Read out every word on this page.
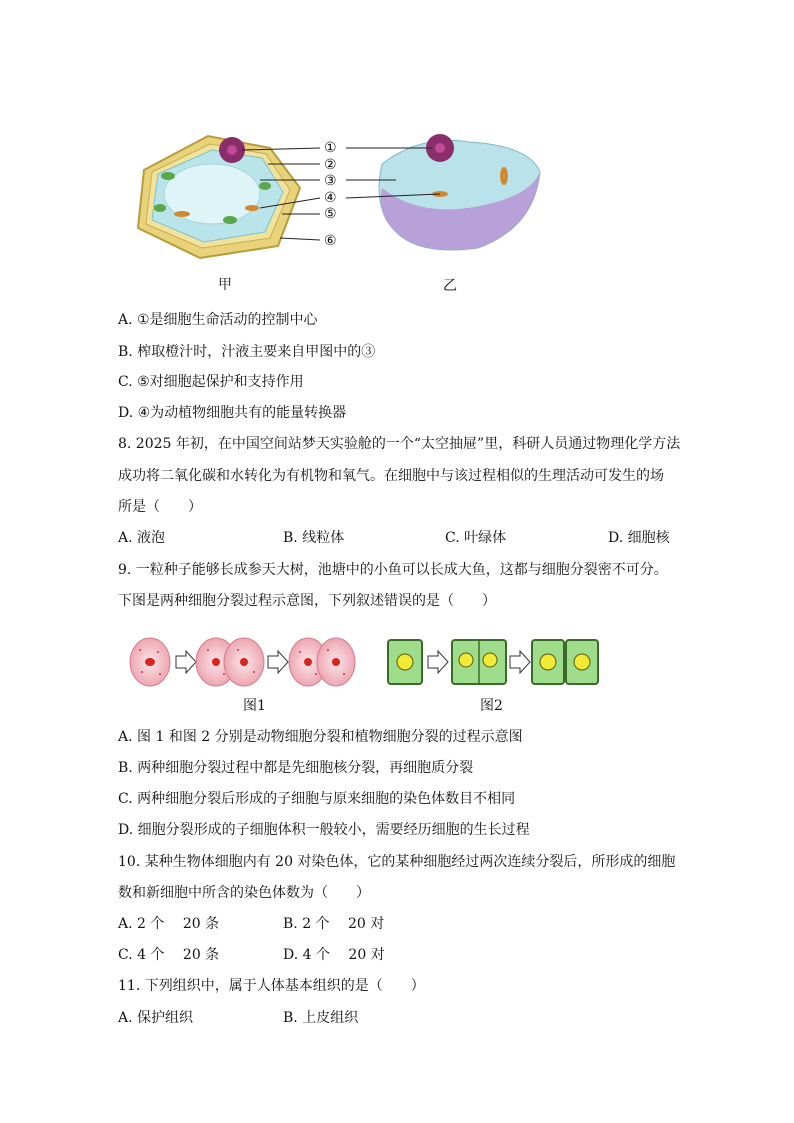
①
②
③
④
⑤
⑥
甲	乙
A. ①是细胞生命活动的控制中心
B. 榨取橙汁时，汁液主要来自甲图中的③
C. ⑤对细胞起保护和支持作用
D. ④为动植物细胞共有的能量转换器
8. 2025 年初，在中国空间站梦天实验舱的一个“太空抽屉”里，科研人员通过物理化学方法
成功将二氧化碳和水转化为有机物和氧气。在细胞中与该过程相似的生理活动可发生的场
所是（　　）
A. 液泡	B. 线粒体	C. 叶绿体	D. 细胞核
9. 一粒种子能够长成参天大树，池塘中的小鱼可以长成大鱼，这都与细胞分裂密不可分。
下图是两种细胞分裂过程示意图，下列叙述错误的是（　　）
图1	图2
A. 图 1 和图 2 分别是动物细胞分裂和植物细胞分裂的过程示意图
B. 两种细胞分裂过程中都是先细胞核分裂，再细胞质分裂
C. 两种细胞分裂后形成的子细胞与原来细胞的染色体数目不相同
D. 细胞分裂形成的子细胞体积一般较小，需要经历细胞的生长过程
10. 某种生物体细胞内有 20 对染色体，它的某种细胞经过两次连续分裂后，所形成的细胞
数和新细胞中所含的染色体数为（　　）
A. 2 个　 20 条	B. 2 个　 20 对
C. 4 个　 20 条	D. 4 个　 20 对
11. 下列组织中，属于人体基本组织的是（　　）
A. 保护组织	B. 上皮组织
